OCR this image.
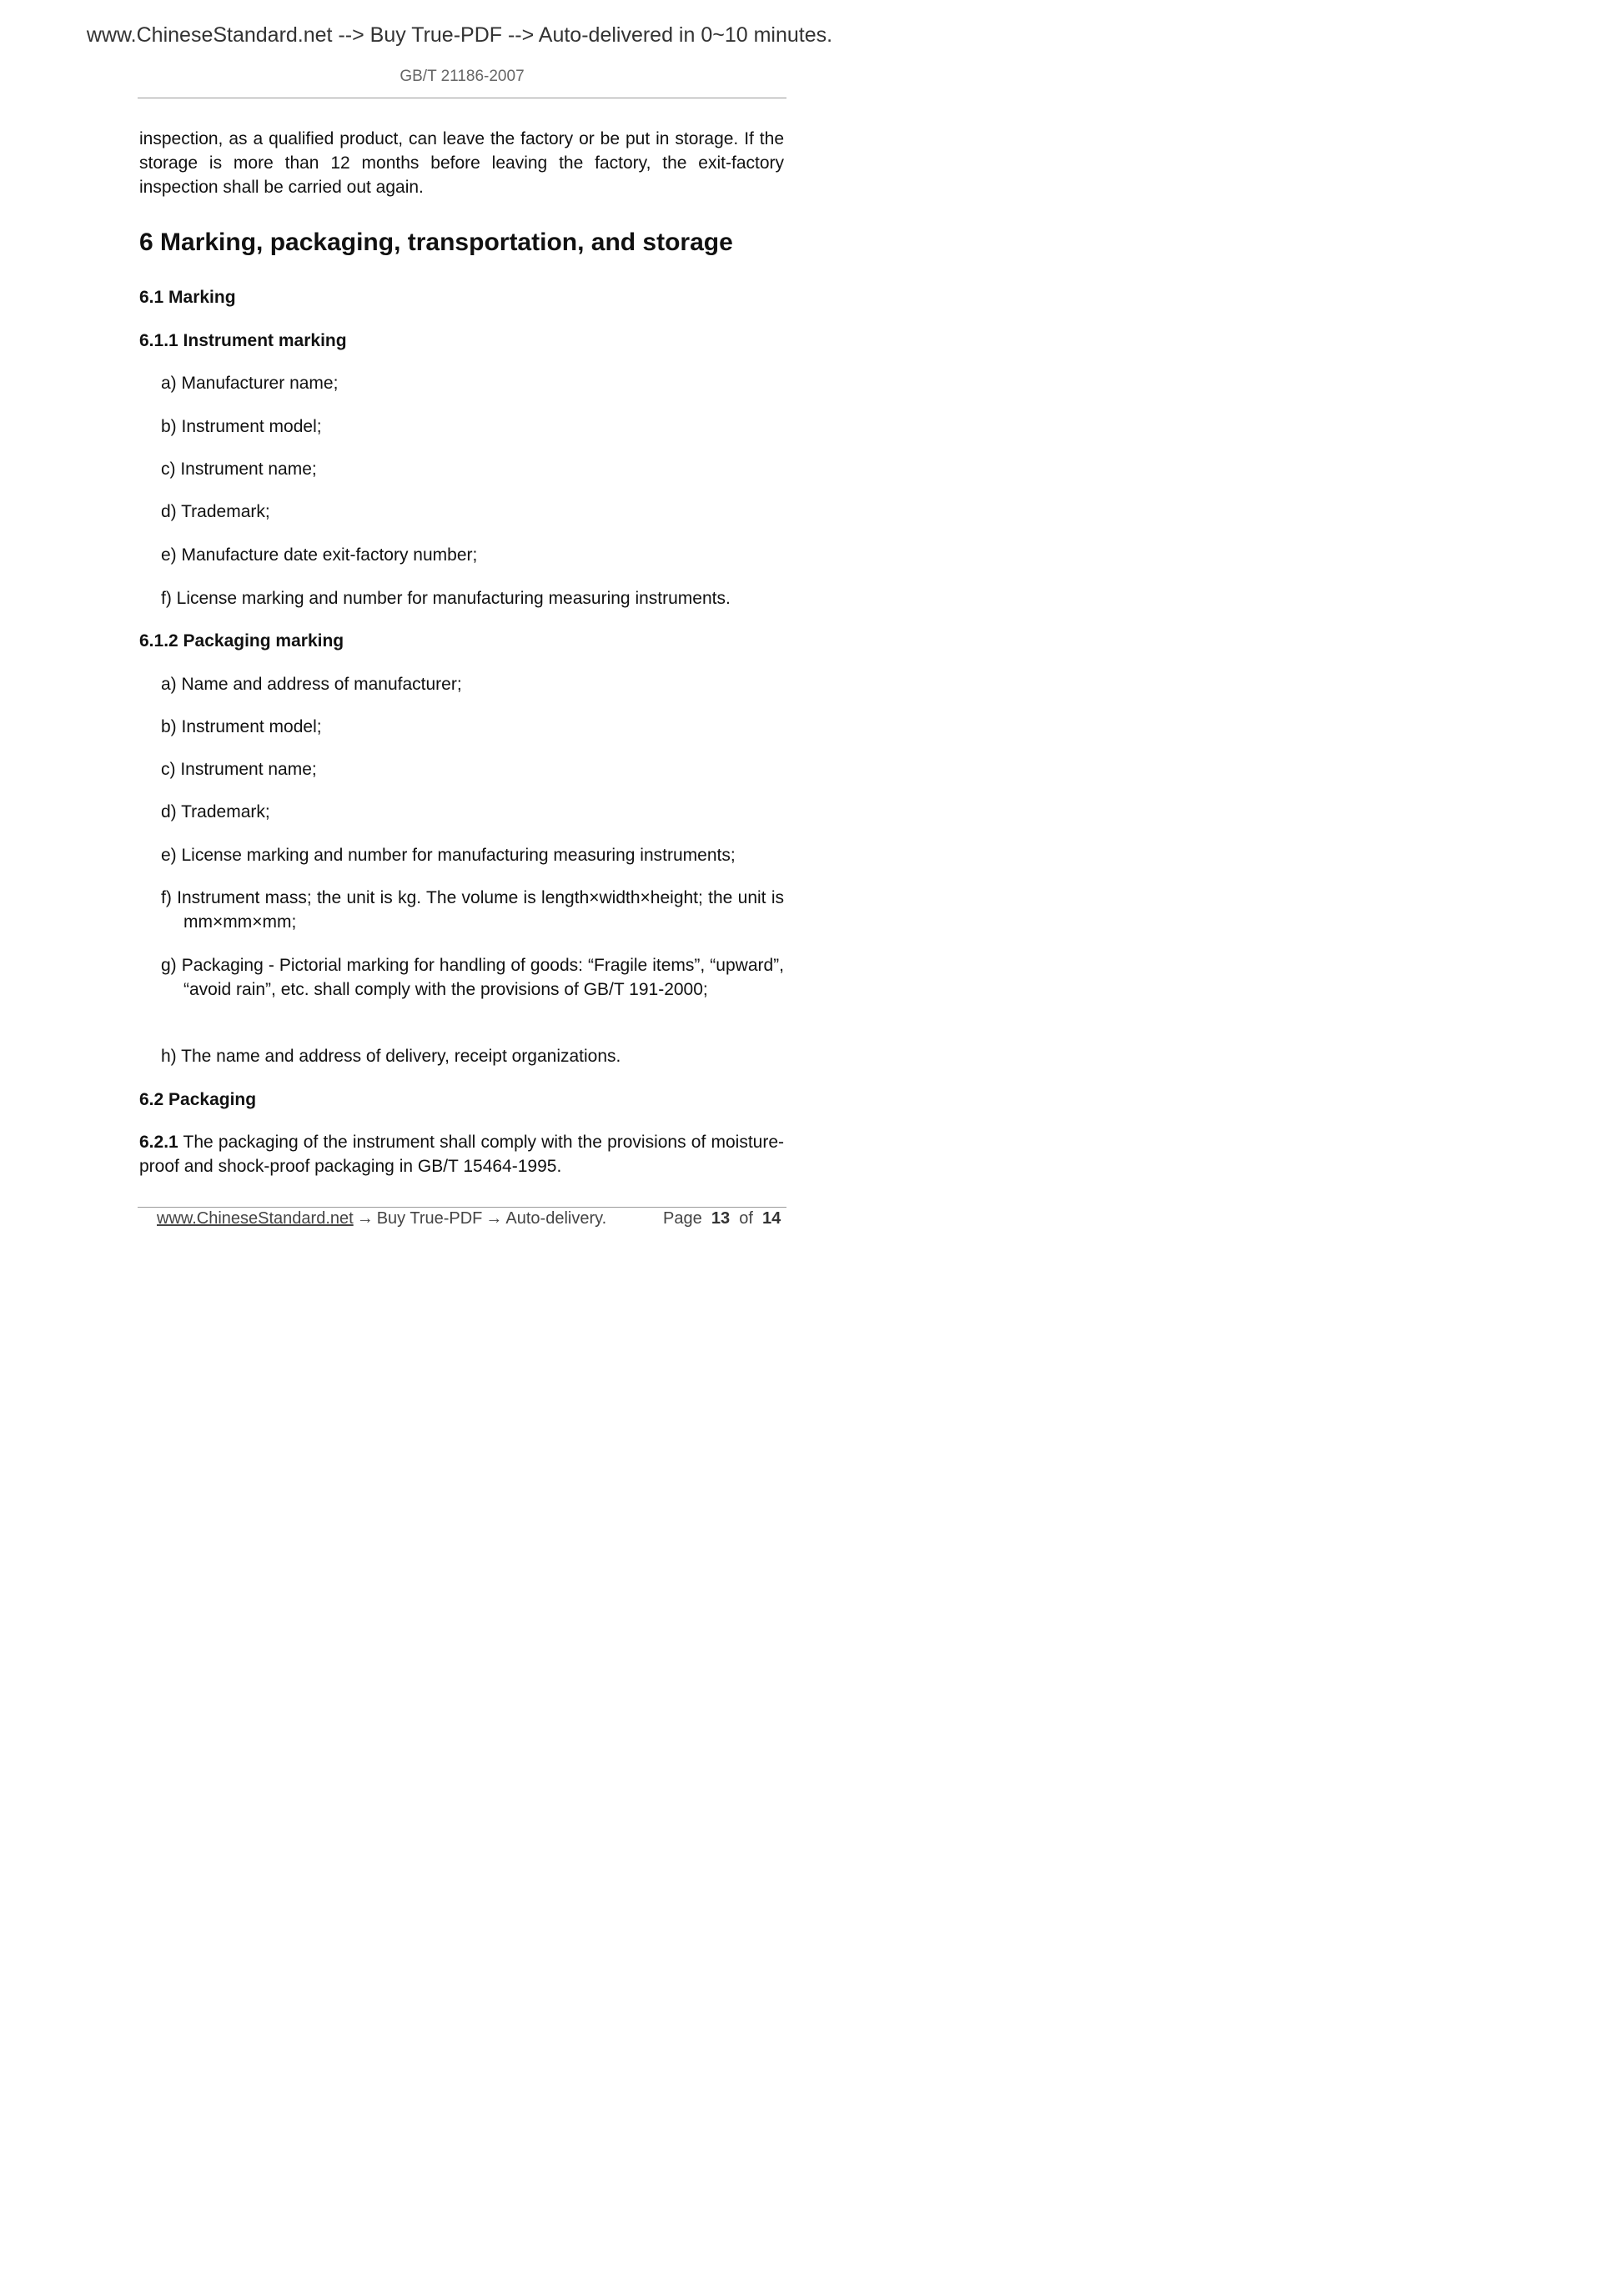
www.ChineseStandard.net --> Buy True-PDF --> Auto-delivered in 0~10 minutes.
GB/T 21186-2007

inspection, as a qualified product, can leave the factory or be put in storage. If the storage is more than 12 months before leaving the factory, the exit-factory inspection shall be carried out again.

6 Marking, packaging, transportation, and storage
6.1 Marking
6.1.1 Instrument marking
a) Manufacturer name;
b) Instrument model;
c) Instrument name;
d) Trademark;
e) Manufacture date exit-factory number;
f) License marking and number for manufacturing measuring instruments.
6.1.2 Packaging marking
a) Name and address of manufacturer;
b) Instrument model;
c) Instrument name;
d) Trademark;
e) License marking and number for manufacturing measuring instruments;
f) Instrument mass; the unit is kg. The volume is length×width×height; the unit is mm×mm×mm;
g) Packaging - Pictorial marking for handling of goods: “Fragile items”, “upward”, “avoid rain”, etc. shall comply with the provisions of GB/T 191-2000;
h) The name and address of delivery, receipt organizations.
6.2 Packaging

6.2.1 The packaging of the instrument shall comply with the provisions of moisture-proof and shock-proof packaging in GB/T 15464-1995.

www.ChineseStandard.net → Buy True-PDF → Auto-delivery.	Page 13 of 14
